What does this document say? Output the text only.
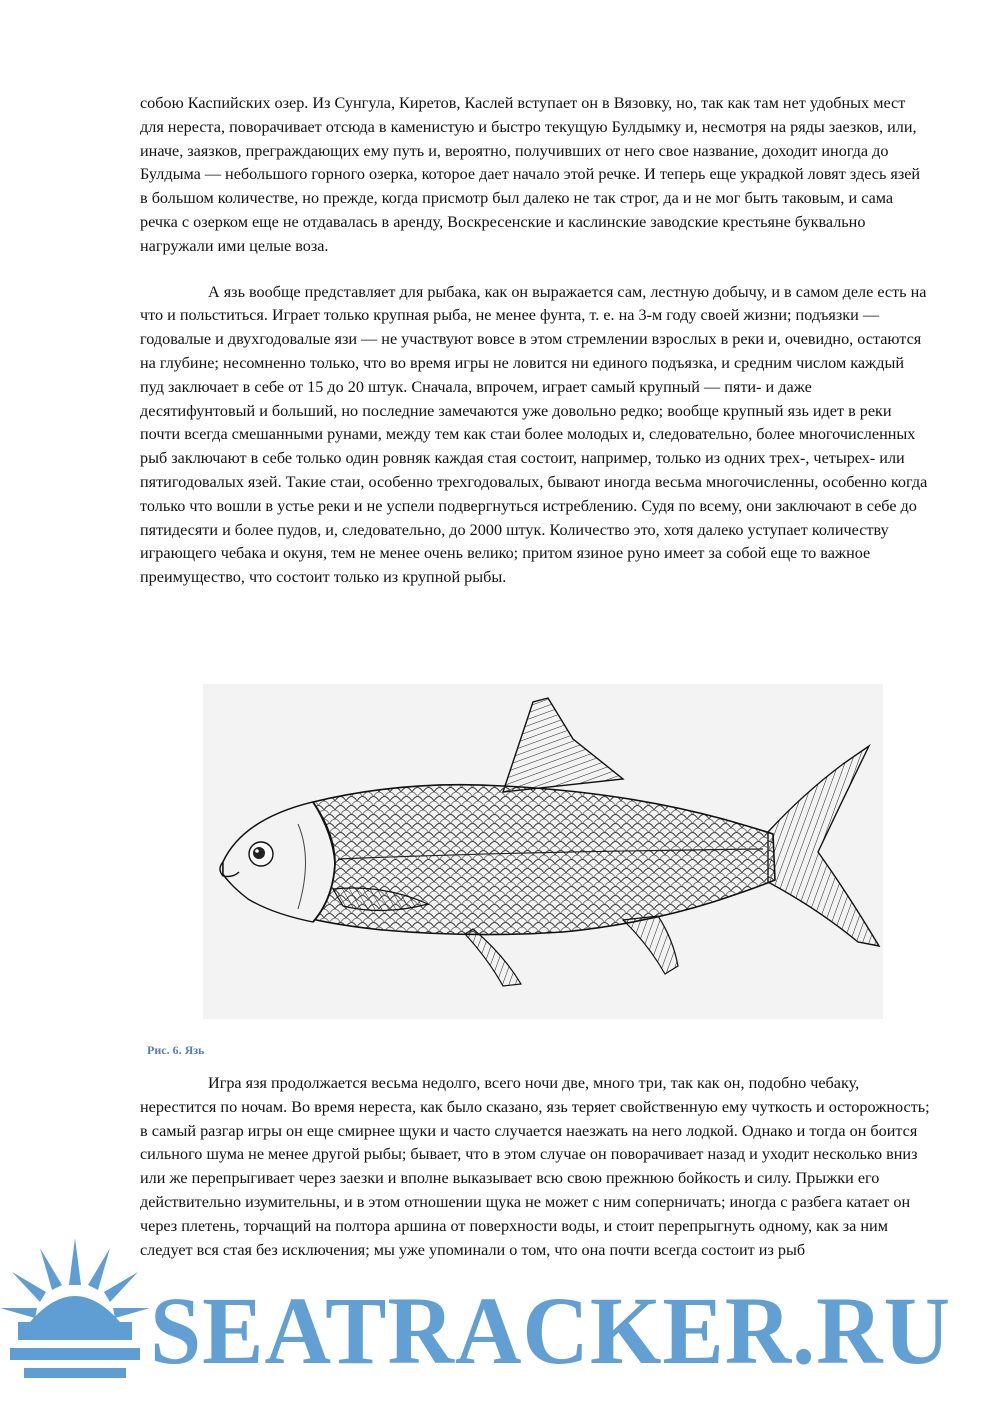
собою Каспийских озер. Из Сунгула, Киретов, Каслей вступает он в Вязовку, но, так как там нет удобных мест для нереста, поворачивает отсюда в каменистую и быстро текущую Булдымку и, несмотря на ряды заезков, или, иначе, заязков, преграждающих ему путь и, вероятно, получивших от него свое название, доходит иногда до Булдыма — небольшого горного озерка, которое дает начало этой речке. И теперь еще украдкой ловят здесь язей в большом количестве, но прежде, когда присмотр был далеко не так строг, да и не мог быть таковым, и сама речка с озерком еще не отдавалась в аренду, Воскресенские и каслинские заводские крестьяне буквально нагружали ими целые воза.

А язь вообще представляет для рыбака, как он выражается сам, лестную добычу, и в самом деле есть на что и польститься. Играет только крупная рыба, не менее фунта, т. е. на 3-м году своей жизни; подъязки — годовалые и двухгодовалые язи — не участвуют вовсе в этом стремлении взрослых в реки и, очевидно, остаются на глубине; несомненно только, что во время игры не ловится ни единого подъязка, и средним числом каждый пуд заключает в себе от 15 до 20 штук. Сначала, впрочем, играет самый крупный — пяти- и даже десятифунтовый и больший, но последние замечаются уже довольно редко; вообще крупный язь идет в реки почти всегда смешанными рунами, между тем как стаи более молодых и, следовательно, более многочисленных рыб заключают в себе только один ровняк каждая стая состоит, например, только из одних трех-, четырех- или пятигодовалых язей. Такие стаи, особенно трехгодовалых, бывают иногда весьма многочисленны, особенно когда только что вошли в устье реки и не успели подвергнуться истреблению. Судя по всему, они заключают в себе до пятидесяти и более пудов, и, следовательно, до 2000 штук. Количество это, хотя далеко уступает количеству играющего чебака и окуня, тем не менее очень велико; притом язиное руно имеет за собой еще то важное преимущество, что состоит только из крупной рыбы.

Рис. 6. Язь

Игра язя продолжается весьма недолго, всего ночи две, много три, так как он, подобно чебаку, нерестится по ночам. Во время нереста, как было сказано, язь теряет свойственную ему чуткость и осторожность; в самый разгар игры он еще смирнее щуки и часто случается наезжать на него лодкой. Однако и тогда он боится сильного шума не менее другой рыбы; бывает, что в этом случае он поворачивает назад и уходит несколько вниз или же перепрыгивает через заезки и вполне выказывает всю свою прежнюю бойкость и силу. Прыжки его действительно изумительны, и в этом отношении щука не может с ним соперничать; иногда с разбега катает он через плетень, торчащий на полтора аршина от поверхности воды, и стоит перепрыгнуть одному, как за ним следует вся стая без исключения; мы уже упоминали о том, что она почти всегда состоит из рыб

SEATRACKER.RU
